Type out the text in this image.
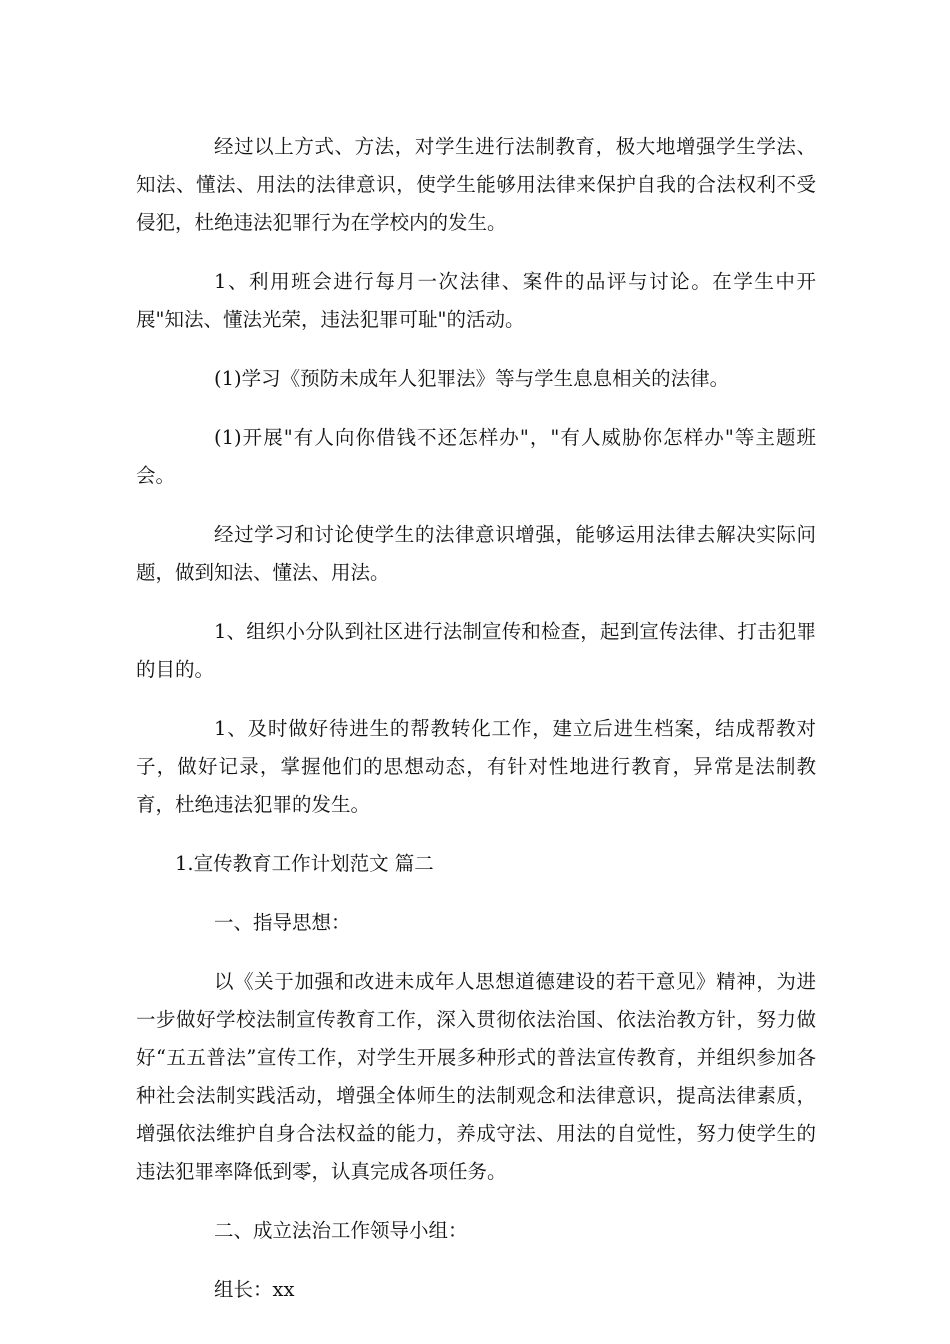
经过以上方式、方法，对学生进行法制教育，极大地增强学生学法、知法、懂法、用法的法律意识，使学生能够用法律来保护自我的合法权利不受侵犯，杜绝违法犯罪行为在学校内的发生。

1、利用班会进行每月一次法律、案件的品评与讨论。在学生中开展"知法、懂法光荣，违法犯罪可耻"的活动。

(1)学习《预防未成年人犯罪法》等与学生息息相关的法律。

(1)开展"有人向你借钱不还怎样办"，"有人威胁你怎样办"等主题班会。

经过学习和讨论使学生的法律意识增强，能够运用法律去解决实际问题，做到知法、懂法、用法。

1、组织小分队到社区进行法制宣传和检查，起到宣传法律、打击犯罪的目的。

1、及时做好待进生的帮教转化工作，建立后进生档案，结成帮教对子，做好记录，掌握他们的思想动态，有针对性地进行教育，异常是法制教育，杜绝违法犯罪的发生。

1.宣传教育工作计划范文 篇二

一、指导思想：

以《关于加强和改进未成年人思想道德建设的若干意见》精神，为进一步做好学校法制宣传教育工作，深入贯彻依法治国、依法治教方针，努力做好“五五普法”宣传工作，对学生开展多种形式的普法宣传教育，并组织参加各种社会法制实践活动，增强全体师生的法制观念和法律意识，提高法律素质，增强依法维护自身合法权益的能力，养成守法、用法的自觉性，努力使学生的违法犯罪率降低到零，认真完成各项任务。

二、成立法治工作领导小组：

组长：xx
